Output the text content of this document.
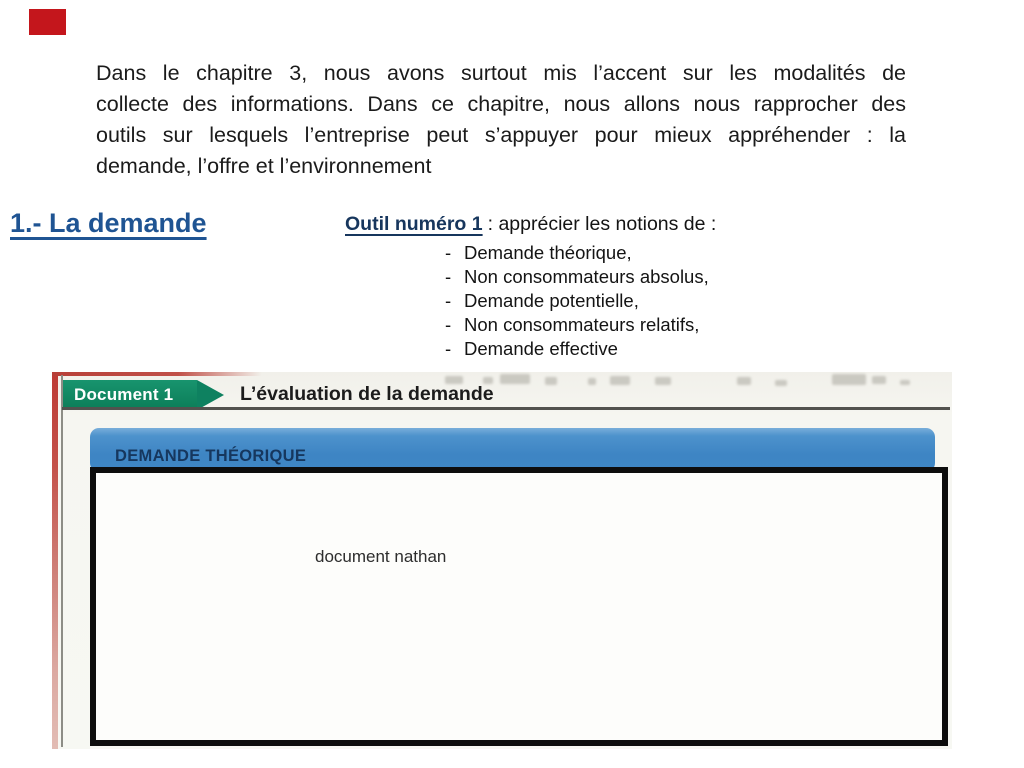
Dans le chapitre 3, nous avons surtout mis l’accent sur les modalités de
collecte des informations. Dans ce chapitre, nous allons nous rapprocher des
outils sur lesquels l’entreprise peut s’appuyer pour mieux appréhender : la
demande, l’offre et l’environnement
1.- La demande	Outil numéro 1 : apprécier les notions de :
- Demande théorique,
- Non consommateurs absolus,
- Demande potentielle,
- Non consommateurs relatifs,
- Demande effective
Document 1	L’évaluation de la demande
DEMANDE THÉORIQUE
document nathan
